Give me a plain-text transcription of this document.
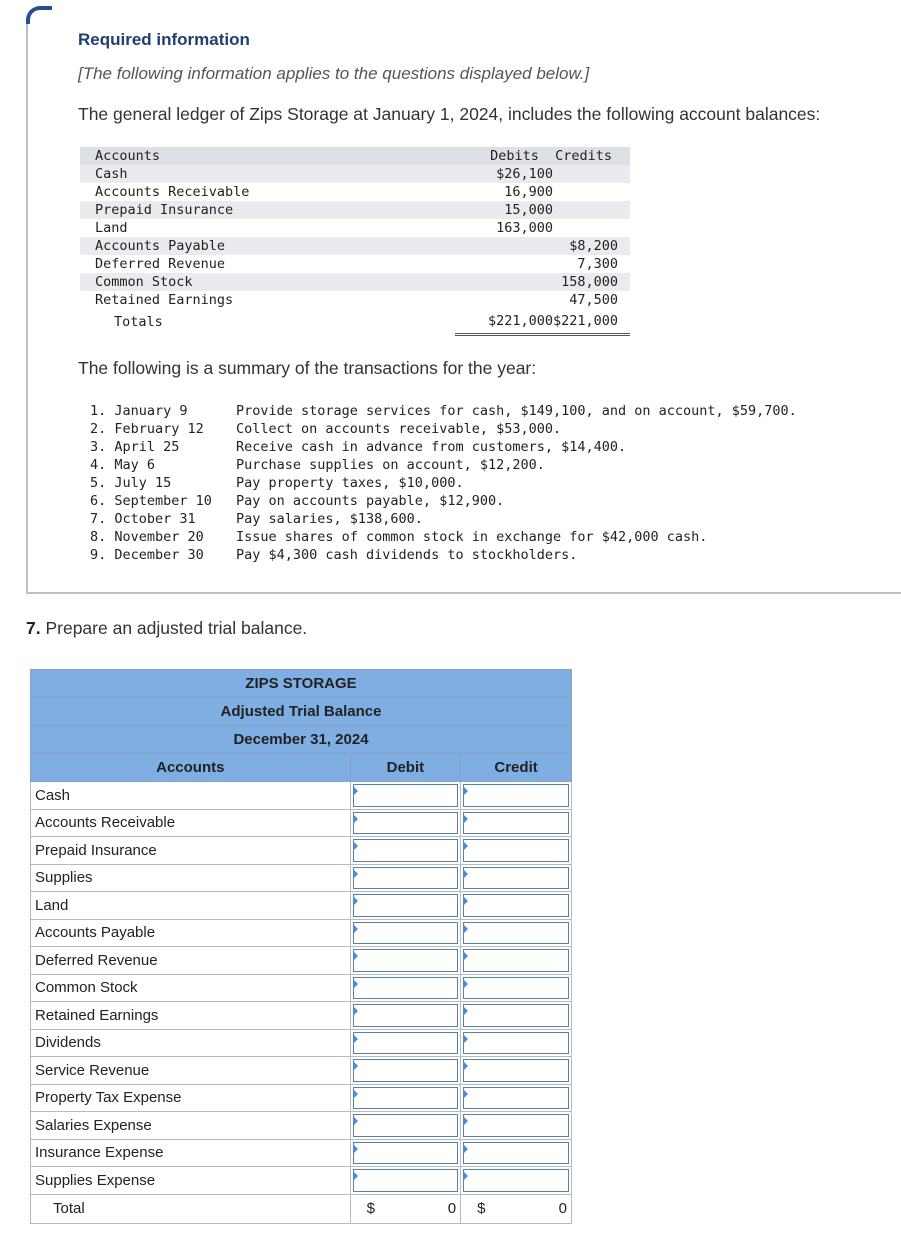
Required information
[The following information applies to the questions displayed below.]
The general ledger of Zips Storage at January 1, 2024, includes the following account balances:
Accounts	Debits	Credits
Cash	$26,100	
Accounts Receivable	16,900	
Prepaid Insurance	15,000	
Land	163,000	
Accounts Payable		$8,200
Deferred Revenue		7,300
Common Stock		158,000
Retained Earnings		47,500
Totals	$221,000	$221,000
The following is a summary of the transactions for the year:
1. January 9	Provide storage services for cash, $149,100, and on account, $59,700.
2. February 12	Collect on accounts receivable, $53,000.
3. April 25	Receive cash in advance from customers, $14,400.
4. May 6	Purchase supplies on account, $12,200.
5. July 15	Pay property taxes, $10,000.
6. September 10	Pay on accounts payable, $12,900.
7. October 31	Pay salaries, $138,600.
8. November 20	Issue shares of common stock in exchange for $42,000 cash.
9. December 30	Pay $4,300 cash dividends to stockholders.
7. Prepare an adjusted trial balance.
ZIPS STORAGE		
Adjusted Trial Balance		
December 31, 2024		
Accounts	Debit	Credit
Cash	

Accounts Receivable	

Prepaid Insurance	

Supplies	

Land	

Accounts Payable	

Deferred Revenue	

Common Stock	

Retained Earnings	

Dividends	

Service Revenue	

Property Tax Expense	

Salaries Expense	

Insurance Expense	

Supplies Expense	

Total	$ 0	$ 0
